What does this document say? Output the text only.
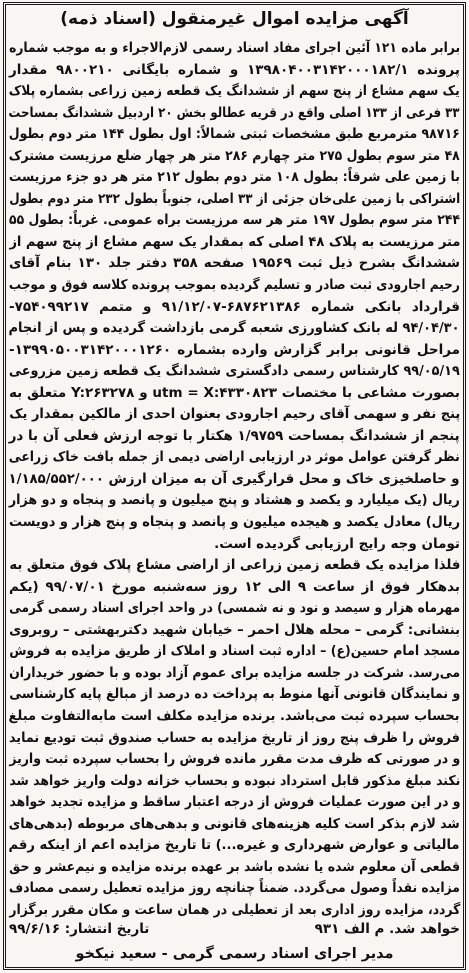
آگهی مزایده اموال غیرمنقول (اسناد ذمه)
برابر ماده ۱۲۱ آئین اجرای مفاد اسناد رسمی لازم‌الاجراء و به موجب شماره
پرونده ۱۳۹۸۰۴۰۰۳۱۴۲۰۰۰۱۸۲/۱ و شماره بایگانی ۹۸۰۰۲۱۰ مقدار
یک سهم مشاع از پنج سهم از ششدانگ یک قطعه زمین زراعی بشماره پلاک
۳۳ فرعی از ۱۳۳ اصلی واقع در قریه عطالو بخش ۲۰ اردبیل ششدانگ بمساحت
۹۸۷۱۶ مترمربع طبق مشخصات ثبتی شمالاً: اول بطول ۱۴۴ متر دوم بطول
۴۸ متر سوم بطول ۲۷۵ متر چهارم ۲۸۶ متر هر چهار ضلع مرزیست مشترک
با زمین علی شرقاً: بطول ۱۰۸ متر دوم بطول ۲۱۲ متر هر دو جزء مرزیست
اشتراکی با زمین علی‌خان جزئی از ۳۳ اصلی، جنوباً بطول ۲۳۲ متر دوم بطول
۲۴۴ متر سوم بطول ۱۹۷ متر هر سه مرزیست براه عمومی. غرباً: بطول ۵۵
متر مرزیست به پلاک ۴۸ اصلی که بمقدار یک سهم مشاع از پنج سهم از
ششدانگ بشرح ذیل ثبت ۱۹۵۶۹ صفحه ۳۵۸ دفتر جلد ۱۳۰ بنام آقای
رحیم اجارودی ثبت صادر و تسلیم گردیده بموجب پرونده کلاسه فوق و موجب
قرارداد بانکی شماره ۶۸۷۶۲۱۳۸۶-۹۱/۱۲/۰۷ و متمم ۷۵۴۰۹۹۲۱۷-
۹۴/۰۴/۳۰ له بانک کشاورزی شعبه گرمی بازداشت گردیده و پس از انجام
مراحل قانونی برابر گزارش وارده بشماره ۱۳۹۹۰۵۰۰۳۱۴۲۰۰۰۱۲۶۰-
۹۹/۰۵/۱۹ کارشناس رسمی دادگستری ششدانگ یک قطعه زمین مزروعی
بصورت مشاعی با مختصات utm = X:۴۳۳۰۸۲۳ و Y:۲۶۳۲۷۸ متعلق به
پنج نفر و سهمی آقای رحیم اجارودی بعنوان احدی از مالکین بمقدار یک
پنجم از ششدانگ بمساحت ۱/۹۷۵۹ هکتار با توجه ارزش فعلی آن با در
نظر گرفتن عوامل موثر در ارزیابی اراضی دیمی از جمله بافت خاک زراعی
و حاصلخیزی خاک و محل قرارگیری آن به میزان ارزش ۱/۱۸۵/۵۵۲/۰۰۰
ریال (یک میلیارد و یکصد و هشتاد و پنج میلیون و پانصد و پنجاه و دو هزار
ریال) معادل یکصد و هیجده میلیون و پانصد و پنجاه و پنج هزار و دویست
تومان وجه رایج ارزیابی گردیده است.
فلذا مزایده یک قطعه زمین زراعی از اراضی مشاع پلاک فوق متعلق به
بدهکار فوق از ساعت ۹ الی ۱۲ روز سه‌شنبه مورخ ۹۹/۰۷/۰۱ (یکم
مهرماه هزار و سیصد و نود و نه شمسی) در واحد اجرای اسناد رسمی گرمی
بنشانی: گرمی – محله هلال احمر – خیابان شهید دکتربهشتی – روبروی
مسجد امام حسین(ع) – اداره ثبت اسناد و املاک از طریق مزایده به فروش
می‌رسد. شرکت در جلسه مزایده برای عموم آزاد بوده و با حضور خریداران
و نمایندگان قانونی آنها منوط به پرداخت ده درصد از مبالغ پایه کارشناسی
بحساب سپرده ثبت می‌باشد. برنده مزایده مکلف است مابه‌التفاوت مبلغ
فروش را ظرف پنج روز از تاریخ مزایده به حساب صندوق ثبت تودیع نماید
و در صورتی که ظرف مدت مقرر مانده فروش را بحساب سپرده ثبت واریز
نکند مبلغ مذکور قابل استرداد نبوده و بحساب خزانه دولت واریز خواهد شد
و در این صورت عملیات فروش از درجه اعتبار ساقط و مزایده تجدید خواهد
شد لازم بذکر است کلیه هزینه‌های قانونی و بدهی‌های مربوطه (بدهی‌های
مالیاتی و عوارض شهرداری و غیره...) تا تاریخ مزایده اعم از اینکه رقم
قطعی آن معلوم شده یا نشده باشد بر عهده برنده مزایده و نیم‌عشر و حق
مزایده نقداً وصول می‌گردد. ضمناً چنانچه روز مزایده تعطیل رسمی مصادف
گردد، مزایده روز اداری بعد از تعطیلی در همان ساعت و مکان مقرر برگزار
خواهد شد. م الف ۹۳۱
تاریخ انتشار: ۹۹/۶/۱۶
مدیر اجرای اسناد رسمی گرمی - سعید نیکخو
